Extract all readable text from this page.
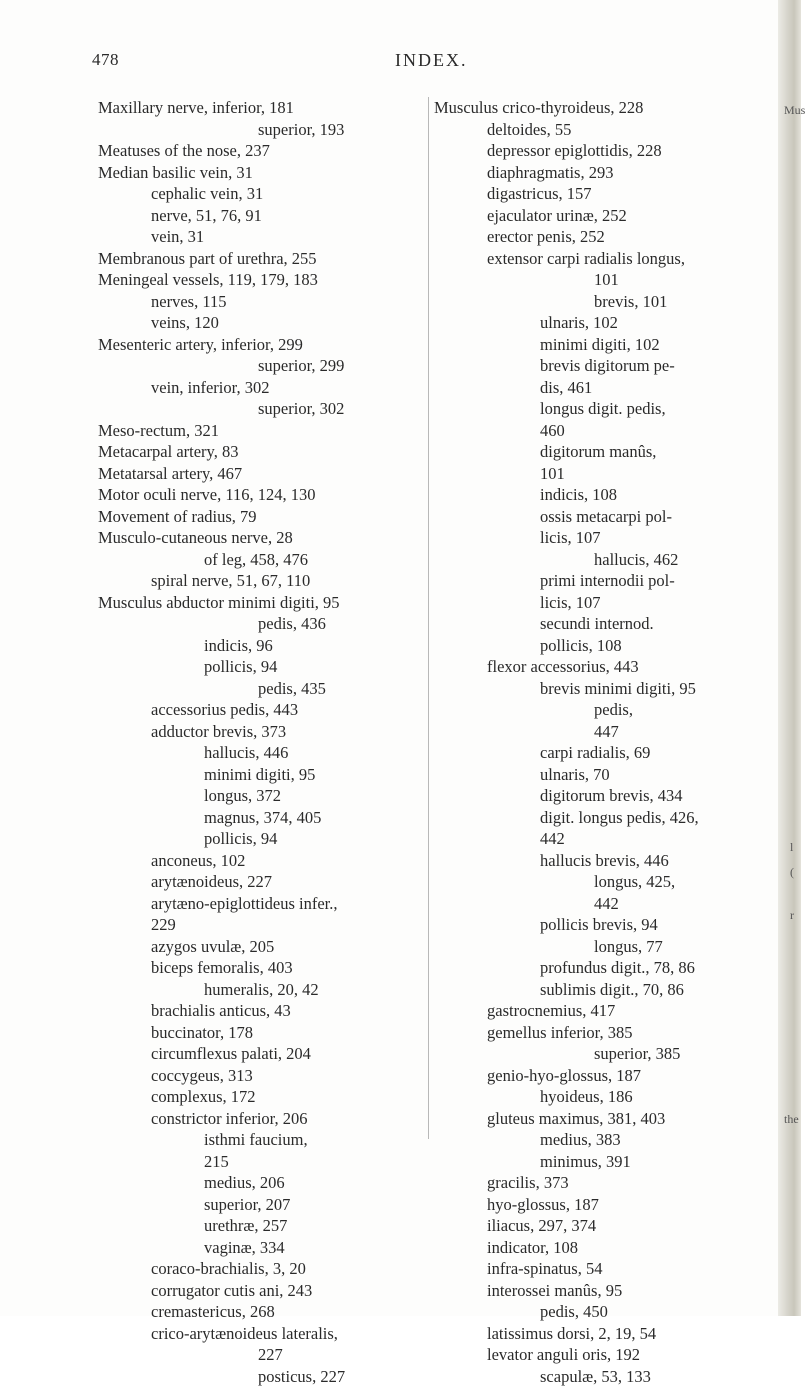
478	INDEX.
Maxillary nerve, inferior, 181
superior, 193
Meatuses of the nose, 237
Median basilic vein, 31
cephalic vein, 31
nerve, 51, 76, 91
vein, 31
Membranous part of urethra, 255
Meningeal vessels, 119, 179, 183
nerves, 115
veins, 120
Mesenteric artery, inferior, 299
superior, 299
vein, inferior, 302
superior, 302
Meso-rectum, 321
Metacarpal artery, 83
Metatarsal artery, 467
Motor oculi nerve, 116, 124, 130
Movement of radius, 79
Musculo-cutaneous nerve, 28
of leg, 458, 476
spiral nerve, 51, 67, 110
Musculus abductor minimi digiti, 95
pedis, 436
indicis, 96
pollicis, 94
pedis, 435
accessorius pedis, 443
adductor brevis, 373
hallucis, 446
minimi digiti, 95
longus, 372
magnus, 374, 405
pollicis, 94
anconeus, 102
arytænoideus, 227
arytæno-epiglottideus infer.,
229
azygos uvulæ, 205
biceps femoralis, 403
humeralis, 20, 42
brachialis anticus, 43
buccinator, 178
circumflexus palati, 204
coccygeus, 313
complexus, 172
constrictor inferior, 206
isthmi faucium,
215
medius, 206
superior, 207
urethræ, 257
vaginæ, 334
coraco-brachialis, 3, 20
corrugator cutis ani, 243
cremastericus, 268
crico-arytænoideus lateralis,
227
posticus, 227
Musculus crico-thyroideus, 228
deltoides, 55
depressor epiglottidis, 228
diaphragmatis, 293
digastricus, 157
ejaculator urinæ, 252
erector penis, 252
extensor carpi radialis longus,
101
brevis, 101
ulnaris, 102
minimi digiti, 102
brevis digitorum pe-
dis, 461
longus digit. pedis,
460
digitorum manûs,
101
indicis, 108
ossis metacarpi pol-
licis, 107
hallucis, 462
primi internodii pol-
licis, 107
secundi internod.
pollicis, 108
flexor accessorius, 443
brevis minimi digiti, 95
pedis,
447
carpi radialis, 69
ulnaris, 70
digitorum brevis, 434
digit. longus pedis, 426,
442
hallucis brevis, 446
longus, 425,
442
pollicis brevis, 94
longus, 77
profundus digit., 78, 86
sublimis digit., 70, 86
gastrocnemius, 417
gemellus inferior, 385
superior, 385
genio-hyo-glossus, 187
hyoideus, 186
gluteus maximus, 381, 403
medius, 383
minimus, 391
gracilis, 373
hyo-glossus, 187
iliacus, 297, 374
indicator, 108
infra-spinatus, 54
interossei manûs, 95
pedis, 450
latissimus dorsi, 2, 19, 54
levator anguli oris, 192
scapulæ, 53, 133
Mus
l
(
r
the
